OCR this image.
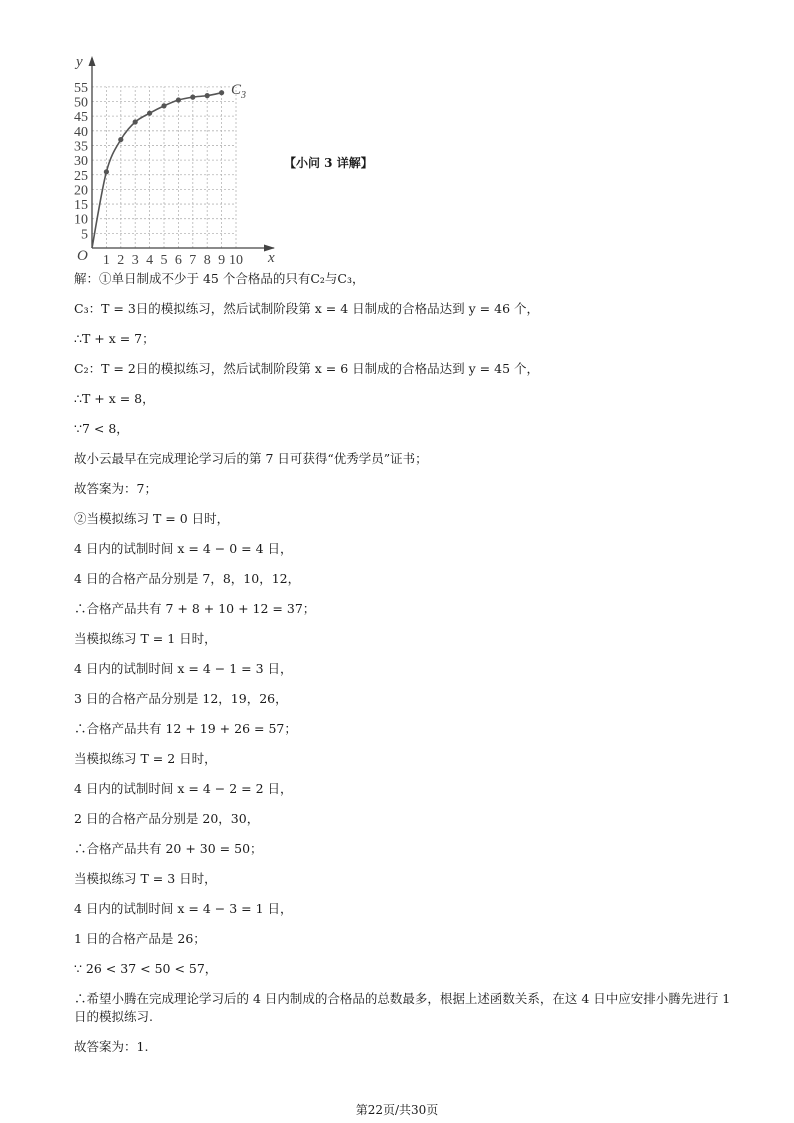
1 2 3 4 5 6 7 8 9 10
5
10
15
20
25
30
35
40
45
50
55	$C_3$
y
x
O
【小问 3 详解】
解：①单日制成不少于 45 个合格品的只有C₂与C₃，
C₃：T = 3日的模拟练习，然后试制阶段第 x = 4 日制成的合格品达到 y = 46 个，
∴T + x = 7；
C₂：T = 2日的模拟练习，然后试制阶段第 x = 6 日制成的合格品达到 y = 45 个，
∴T + x = 8，
∵7 < 8，
故小云最早在完成理论学习后的第 7 日可获得“优秀学员”证书；
故答案为：7；
②当模拟练习 T = 0 日时，
4 日内的试制时间 x = 4 − 0 = 4 日，
4 日的合格产品分别是 7，8，10，12，
∴合格产品共有 7 + 8 + 10 + 12 = 37；
当模拟练习 T = 1 日时，
4 日内的试制时间 x = 4 − 1 = 3 日，
3 日的合格产品分别是 12，19，26，
∴合格产品共有 12 + 19 + 26 = 57；
当模拟练习 T = 2 日时，
4 日内的试制时间 x = 4 − 2 = 2 日，
2 日的合格产品分别是 20，30，
∴合格产品共有 20 + 30 = 50；
当模拟练习 T = 3 日时，
4 日内的试制时间 x = 4 − 3 = 1 日，
1 日的合格产品是 26；
∵ 26 < 37 < 50 < 57，
∴希望小腾在完成理论学习后的 4 日内制成的合格品的总数最多，根据上述函数关系，在这 4 日中应安排小腾先进行 1 日的模拟练习.
故答案为：1.
第22页/共30页
